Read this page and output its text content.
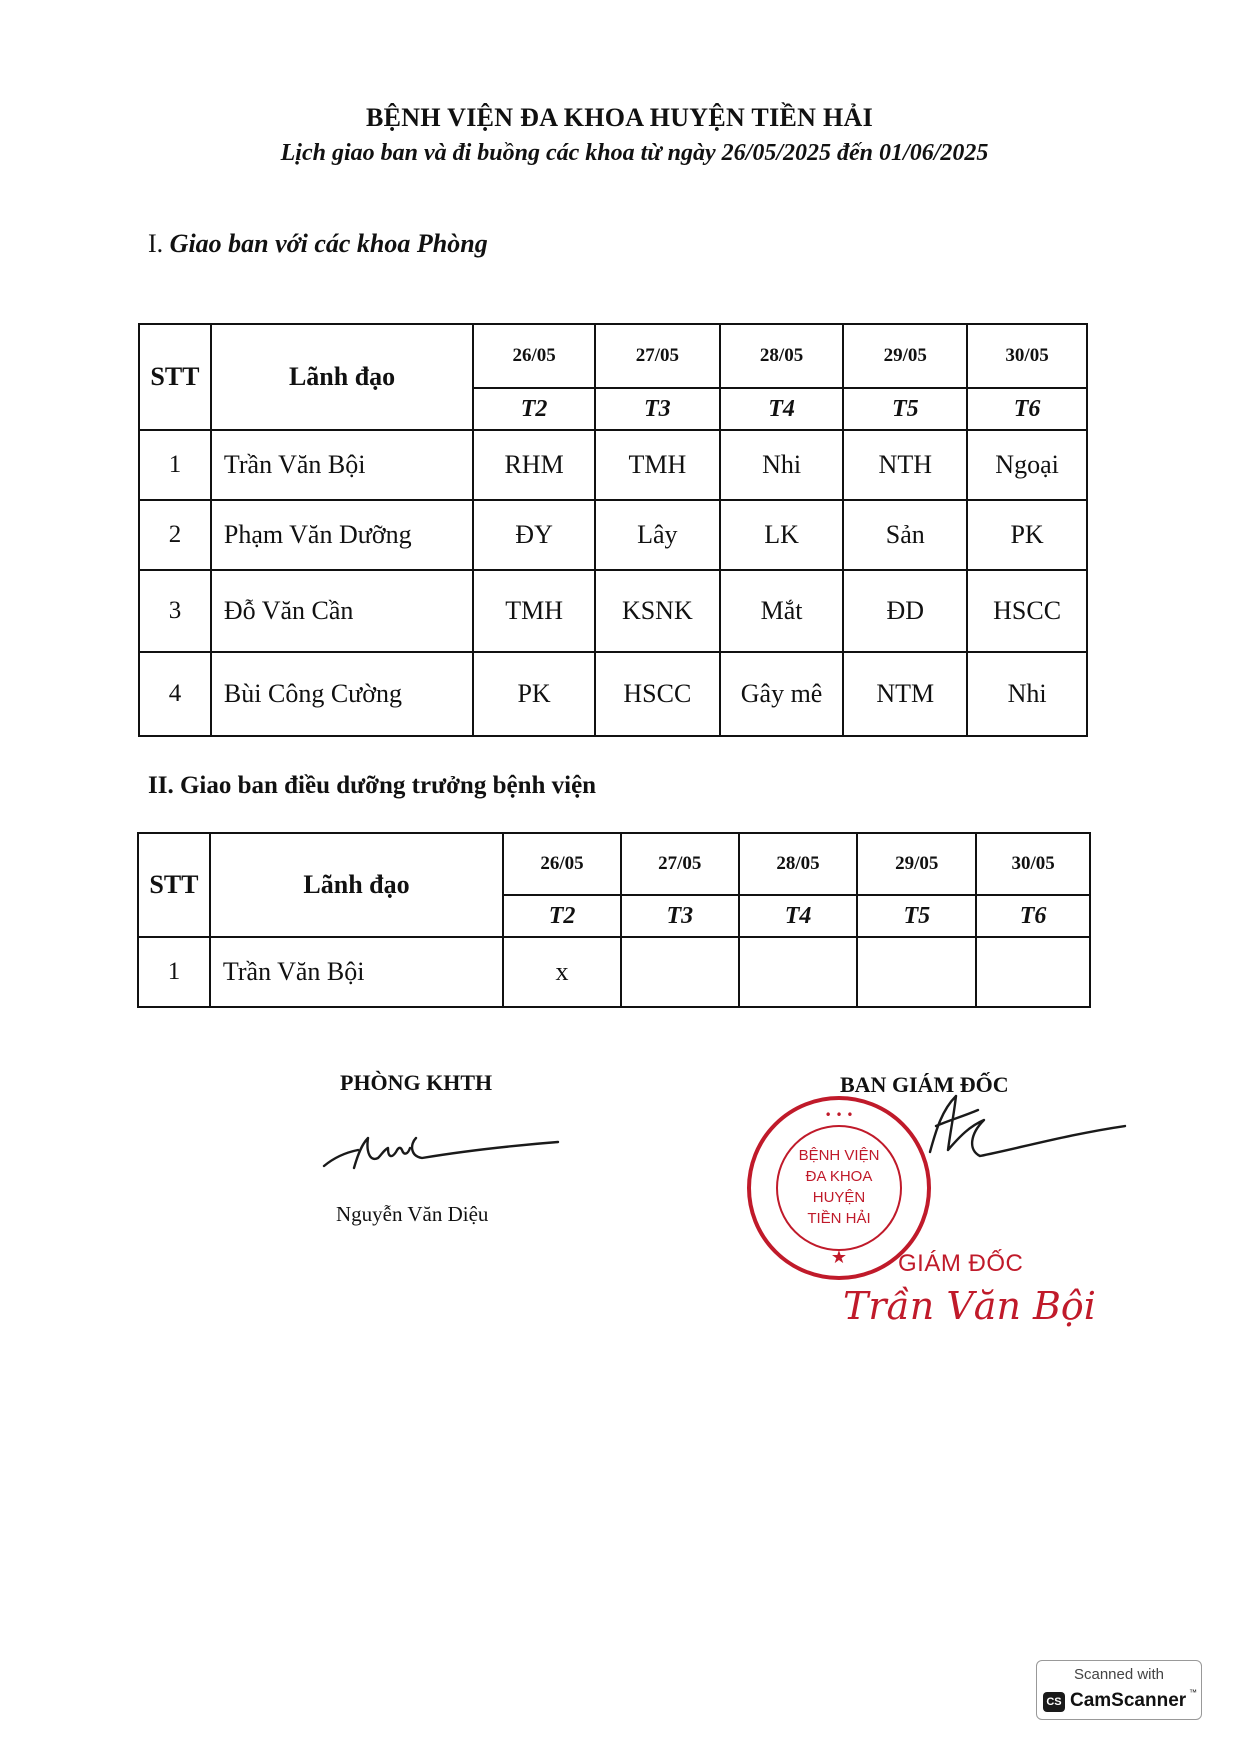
BỆNH VIỆN ĐA KHOA HUYỆN TIỀN HẢI
Lịch giao ban và đi buồng các khoa từ ngày 26/05/2025 đến 01/06/2025
I. Giao ban với các khoa Phòng
STT	Lãnh đạo	26/05	27/05	28/05	29/05	30/05
		T2	T3	T4	T5	T6
1	Trần Văn Bội	RHM	TMH	Nhi	NTH	Ngoại
2	Phạm Văn Dưỡng	ĐY	Lây	LK	Sản	PK
3	Đỗ Văn Cần	TMH	KSNK	Mắt	ĐD	HSCC
4	Bùi Công Cường	PK	HSCC	Gây mê	NTM	Nhi
II. Giao ban điều dưỡng trưởng bệnh viện
STT	Lãnh đạo	26/05	27/05	28/05	29/05	30/05
		T2	T3	T4	T5	T6
1	Trần Văn Bội	x				
PHÒNG KHTH
Nguyễn Văn Diệu
BAN GIÁM ĐỐC
★
• • •
BỆNH VIỆN
ĐA KHOA
HUYỆN
TIỀN HẢI
GIÁM ĐỐC
Trần Văn Bội
Scanned with
CS CamScanner ™
